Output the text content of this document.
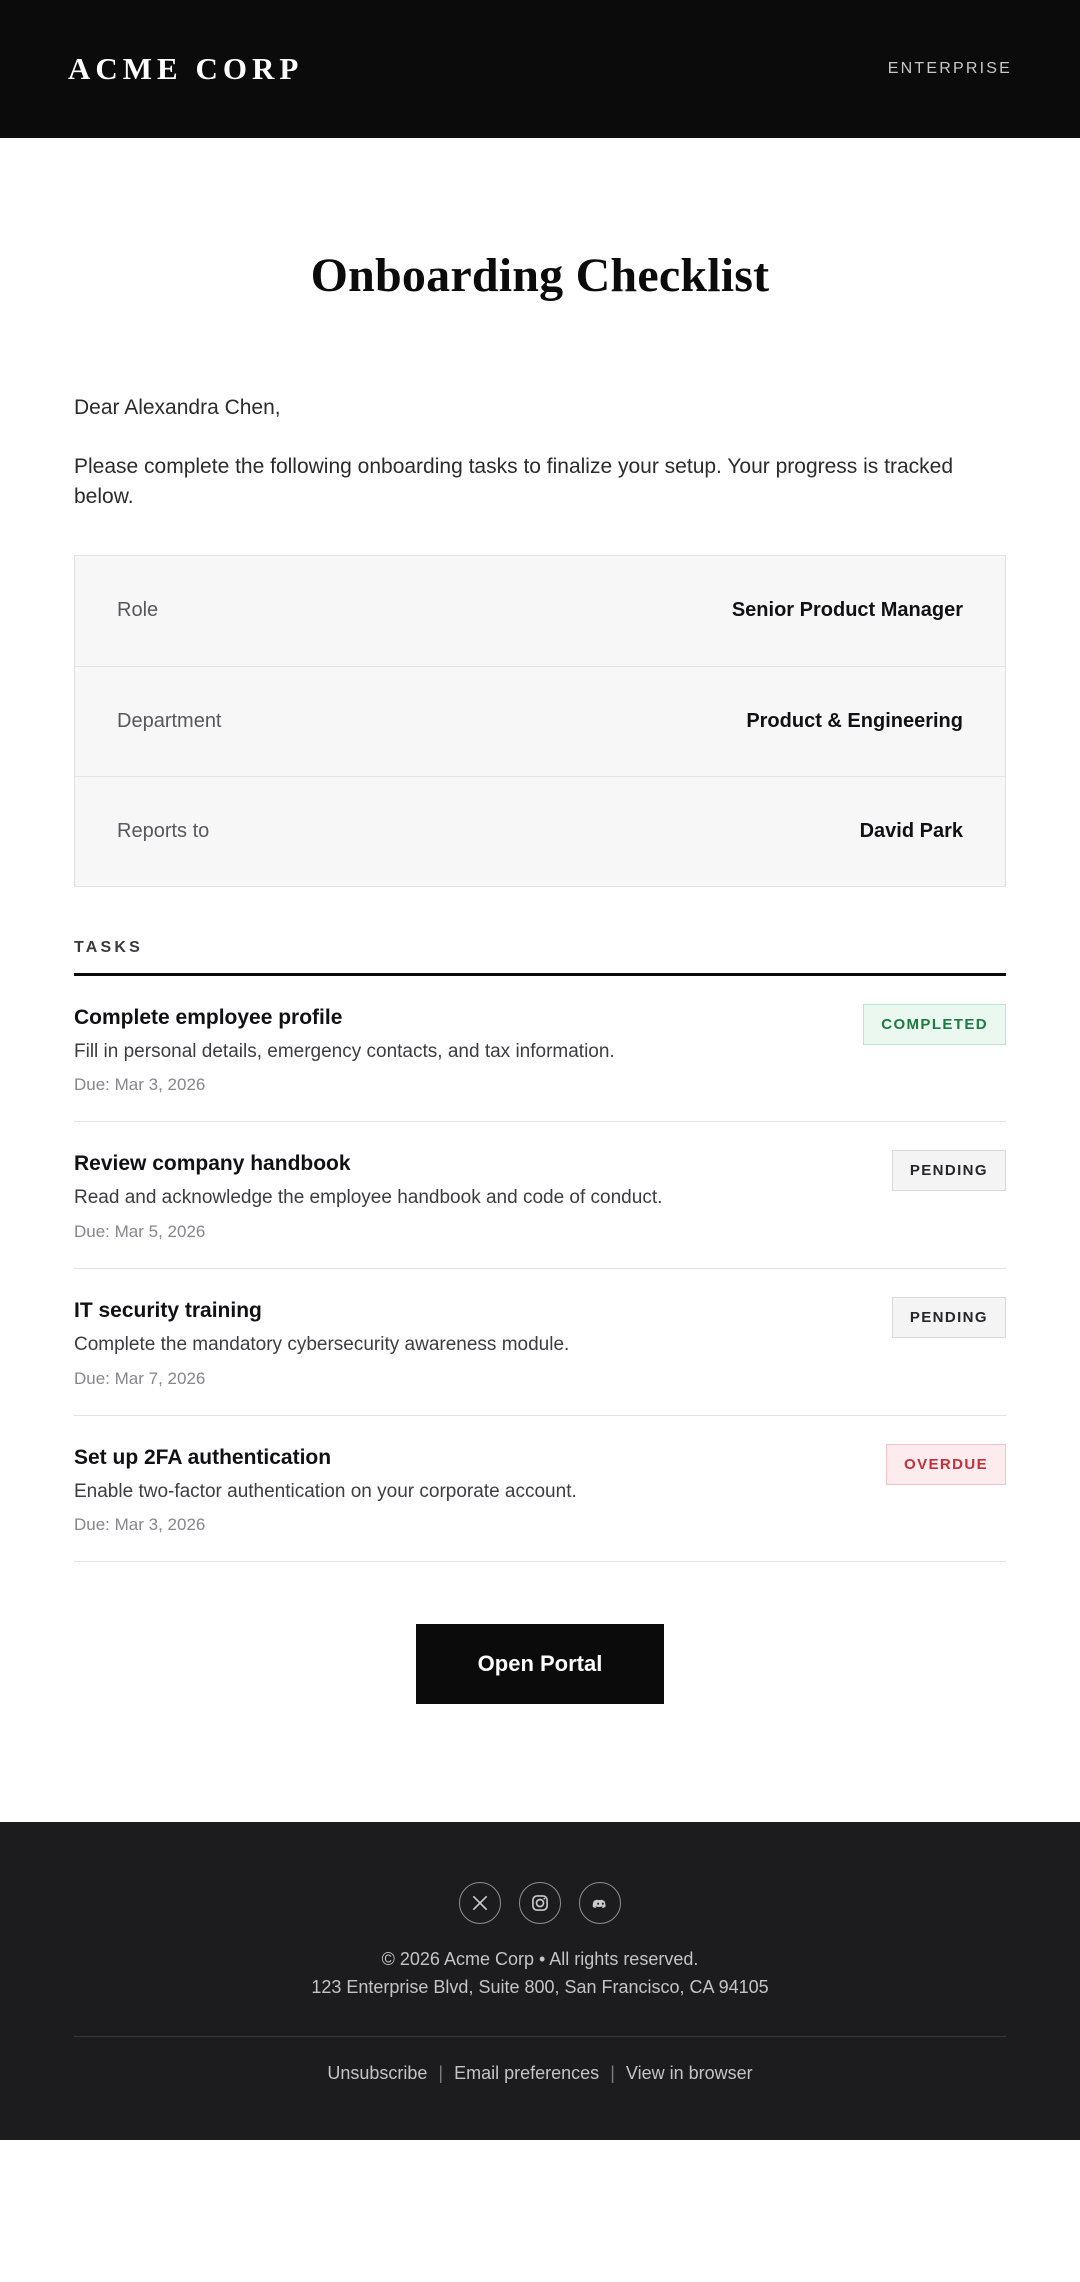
ACME CORP	ENTERPRISE
Onboarding Checklist
Dear Alexandra Chen,
Please complete the following onboarding tasks to finalize your setup. Your progress is tracked below.
Role	Senior Product Manager
Department	Product & Engineering
Reports to	David Park
TASKS
Complete employee profile
Fill in personal details, emergency contacts, and tax information.
Due: Mar 3, 2026
COMPLETED
Review company handbook
Read and acknowledge the employee handbook and code of conduct.
Due: Mar 5, 2026
PENDING
IT security training
Complete the mandatory cybersecurity awareness module.
Due: Mar 7, 2026
PENDING
Set up 2FA authentication
Enable two-factor authentication on your corporate account.
Due: Mar 3, 2026
OVERDUE
Open Portal
© 2026 Acme Corp • All rights reserved.
123 Enterprise Blvd, Suite 800, San Francisco, CA 94105
Unsubscribe | Email preferences | View in browser
